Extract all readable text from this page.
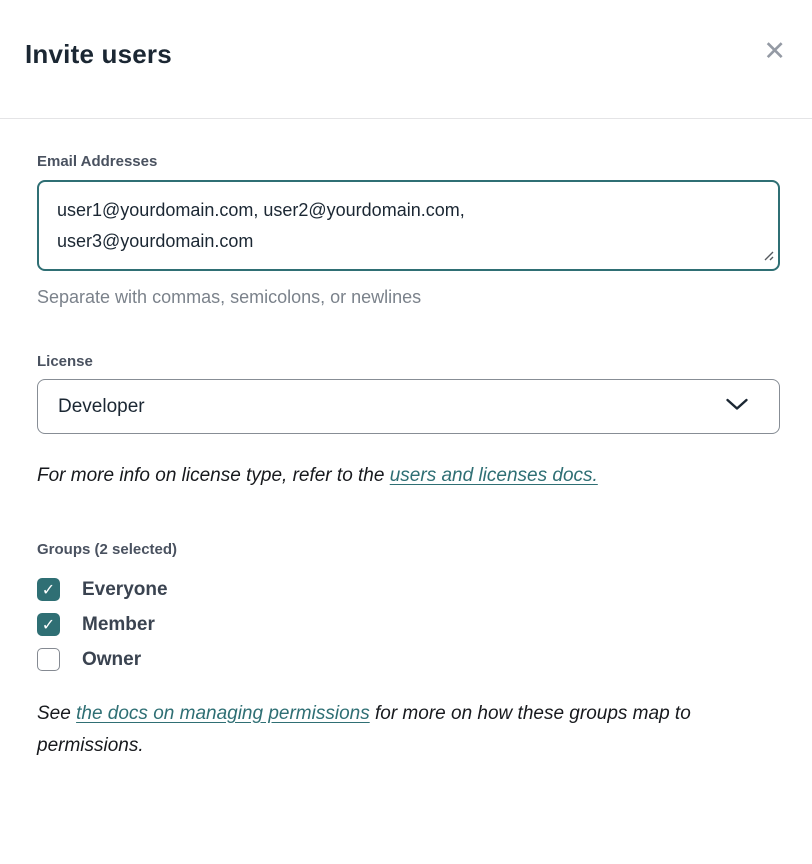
Invite users	✕
Email Addresses
user1@yourdomain.com, user2@yourdomain.com, user3@yourdomain.com
Separate with commas, semicolons, or newlines
License
Developer
For more info on license type, refer to the users and licenses docs.
Groups (2 selected)
✓ Everyone
✓ Member
Owner
See the docs on managing permissions for more on how these groups map to permissions.
